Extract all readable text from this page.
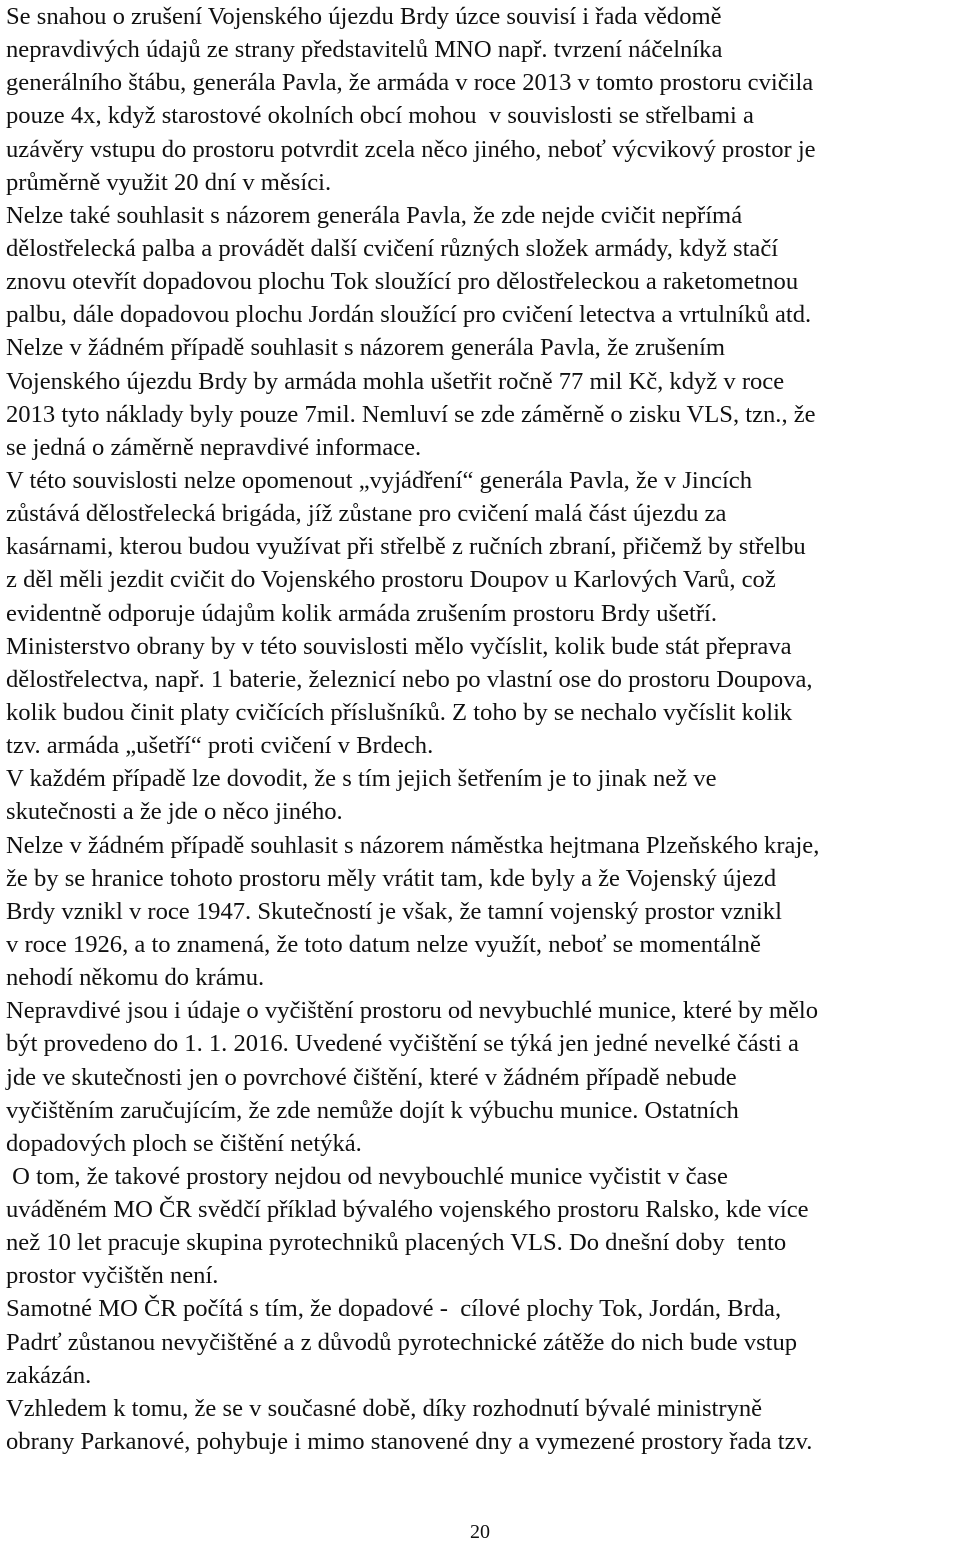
Se snahou o zrušení Vojenského újezdu Brdy úzce souvisí i řada vědomě
nepravdivých údajů ze strany představitelů MNO např. tvrzení náčelníka
generálního štábu, generála Pavla, že armáda v roce 2013 v tomto prostoru cvičila
pouze 4x, když starostové okolních obcí mohou  v souvislosti se střelbami a
uzávěry vstupu do prostoru potvrdit zcela něco jiného, neboť výcvikový prostor je
průměrně využit 20 dní v měsíci.
Nelze také souhlasit s názorem generála Pavla, že zde nejde cvičit nepřímá
dělostřelecká palba a provádět další cvičení různých složek armády, když stačí
znovu otevřít dopadovou plochu Tok sloužící pro dělostřeleckou a raketometnou
palbu, dále dopadovou plochu Jordán sloužící pro cvičení letectva a vrtulníků atd.
Nelze v žádném případě souhlasit s názorem generála Pavla, že zrušením
Vojenského újezdu Brdy by armáda mohla ušetřit ročně 77 mil Kč, když v roce
2013 tyto náklady byly pouze 7mil. Nemluví se zde záměrně o zisku VLS, tzn., že
se jedná o záměrně nepravdivé informace.
V této souvislosti nelze opomenout „vyjádření“ generála Pavla, že v Jincích
zůstává dělostřelecká brigáda, jíž zůstane pro cvičení malá část újezdu za
kasárnami, kterou budou využívat při střelbě z ručních zbraní, přičemž by střelbu
z děl měli jezdit cvičit do Vojenského prostoru Doupov u Karlových Varů, což
evidentně odporuje údajům kolik armáda zrušením prostoru Brdy ušetří.
Ministerstvo obrany by v této souvislosti mělo vyčíslit, kolik bude stát přeprava
dělostřelectva, např. 1 baterie, železnicí nebo po vlastní ose do prostoru Doupova,
kolik budou činit platy cvičících příslušníků. Z toho by se nechalo vyčíslit kolik
tzv. armáda „ušetří“ proti cvičení v Brdech.
V každém případě lze dovodit, že s tím jejich šetřením je to jinak než ve
skutečnosti a že jde o něco jiného.
Nelze v žádném případě souhlasit s názorem náměstka hejtmana Plzeňského kraje,
že by se hranice tohoto prostoru měly vrátit tam, kde byly a že Vojenský újezd
Brdy vznikl v roce 1947. Skutečností je však, že tamní vojenský prostor vznikl
v roce 1926, a to znamená, že toto datum nelze využít, neboť se momentálně
nehodí někomu do krámu.
Nepravdivé jsou i údaje o vyčištění prostoru od nevybuchlé munice, které by mělo
být provedeno do 1. 1. 2016. Uvedené vyčištění se týká jen jedné nevelké části a
jde ve skutečnosti jen o povrchové čištění, které v žádném případě nebude
vyčištěním zaručujícím, že zde nemůže dojít k výbuchu munice. Ostatních
dopadových ploch se čištění netýká.
O tom, že takové prostory nejdou od nevybouchlé munice vyčistit v čase
uváděném MO ČR svědčí příklad bývalého vojenského prostoru Ralsko, kde více
než 10 let pracuje skupina pyrotechniků placených VLS. Do dnešní doby  tento
prostor vyčištěn není.
Samotné MO ČR počítá s tím, že dopadové -  cílové plochy Tok, Jordán, Brda,
Padrť zůstanou nevyčištěné a z důvodů pyrotechnické zátěže do nich bude vstup
zakázán.
Vzhledem k tomu, že se v současné době, díky rozhodnutí bývalé ministryně
obrany Parkanové, pohybuje i mimo stanovené dny a vymezené prostory řada tzv.
20
